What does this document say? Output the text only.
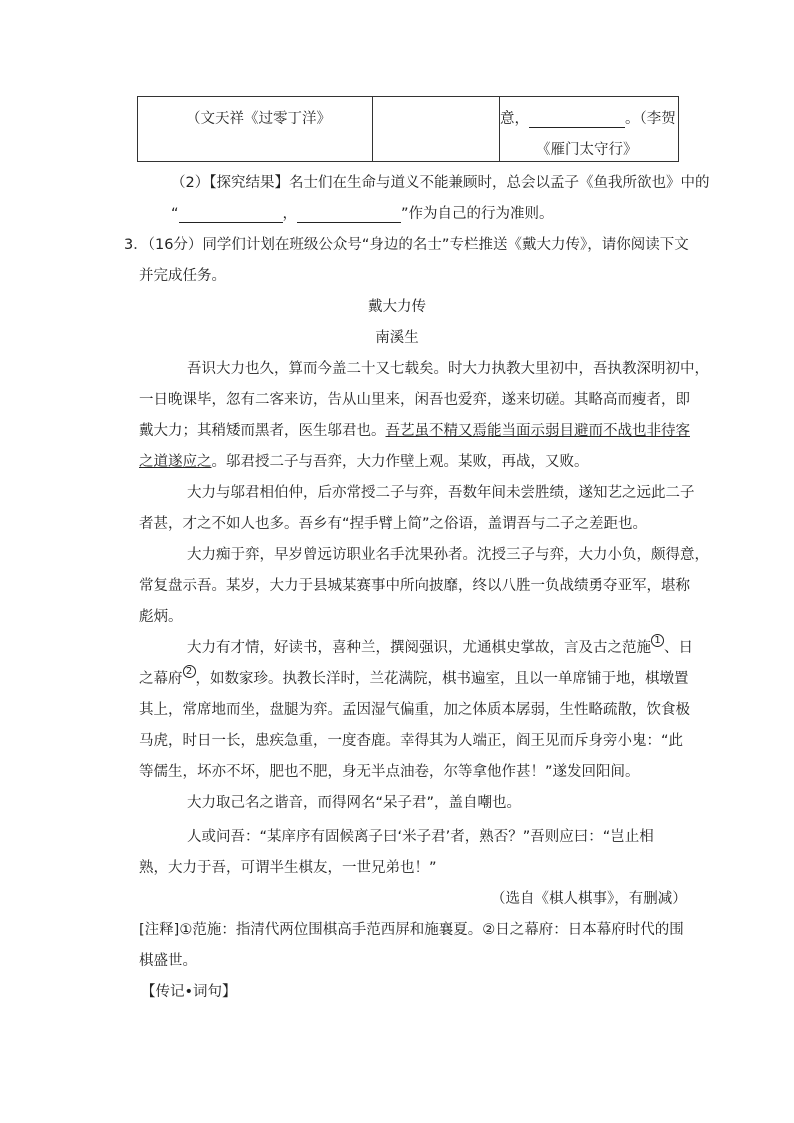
（文天祥《过零丁洋》		意，	。（李贺
《雁门太守行》
（2）【探究结果】名士们在生命与道义不能兼顾时，总会以孟子《鱼我所欲也》中的
“	，	”作为自己的行为准则。
3．（16分）同学们计划在班级公众号“身边的名士”专栏推送《戴大力传》，请你阅读下文
并完成任务。
戴大力传
南溪生
吾识大力也久，算而今盖二十又七载矣。时大力执教大里初中，吾执教深明初中，
一日晚课毕，忽有二客来访，告从山里来，闲吾也爱弈，遂来切磋。其略高而瘦者，即
戴大力；其稍矮而黑者，医生邬君也。吾艺虽不精又焉能当面示弱目避而不战也非待客
之道遂应之。邬君授二子与吾弈，大力作壁上观。某败，再战，又败。
大力与邬君相伯仲，后亦常授二子与弈，吾数年间未尝胜绩，遂知艺之远此二子
者甚，才之不如人也多。吾乡有“捏手臂上简”之俗语，盖谓吾与二子之差距也。
大力痴于弈，早岁曾远访职业名手沈果孙者。沈授三子与弈，大力小负，颇得意，
常复盘示吾。某岁，大力于县城某赛事中所向披靡，终以八胜一负战绩勇夺亚军，堪称
彪炳。
大力有才情，好读书，喜种兰，撰阅强识，尤通棋史掌故，言及古之范施 $^1$ 、日
之幕府 $^2$ ，如数家珍。执教长洋时，兰花满院，棋书遍室，且以一单席铺于地，棋墩置
其上，常席地而坐，盘腿为弈。孟因湿气偏重，加之体质本孱弱，生性略疏散，饮食极
马虎，时日一长，患疾急重，一度杳鹿。幸得其为人端正，阎王见而斥身旁小鬼：“此
等儒生，坏亦不坏，肥也不肥，身无半点油卷，尔等拿他作甚！”遂发回阳间。
大力取己名之谐音，而得网名“呆子君”，盖自嘲也。
人或问吾：“某庠序有固候离子曰‘米子君’者，熟否？”吾则应曰：“岂止相
熟，大力于吾，可谓半生棋友，一世兄弟也！”
（选自《棋人棋事》，有删减）
[注释]①范施：指清代两位围棋高手范西屏和施襄夏。②日之幕府：日本幕府时代的围
棋盛世。
【传记•词句】
